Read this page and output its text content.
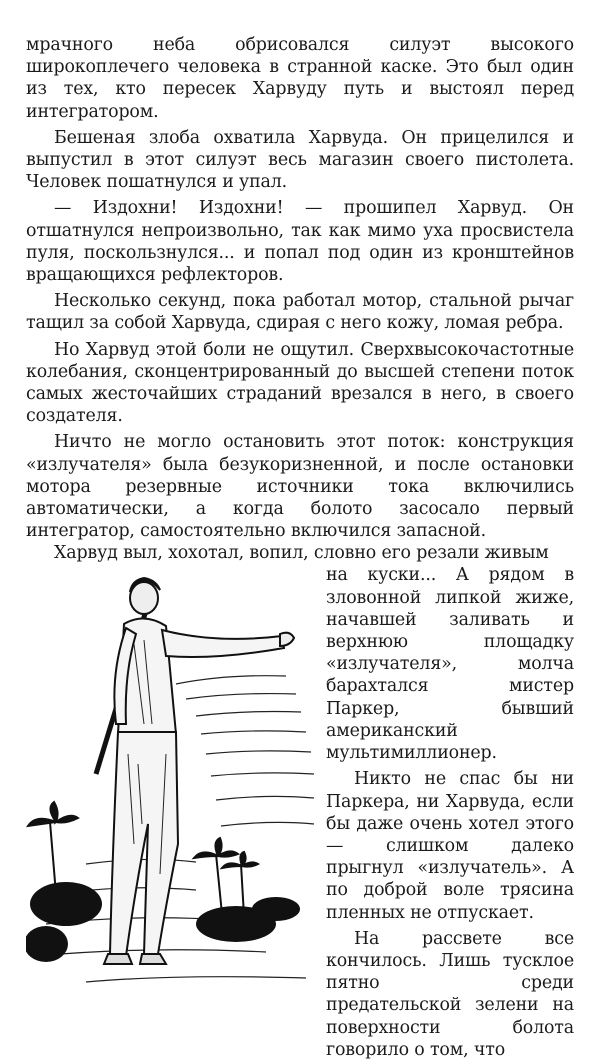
мрачного неба обрисовался силуэт высокого широкоплечего человека в странной каске. Это был один из тех, кто пересек Харвуду путь и выстоял перед интегратором.

Бешеная злоба охватила Харвуда. Он прицелился и выпустил в этот силуэт весь магазин своего пистолета. Человек пошатнулся и упал.

— Издохни! Издохни! — прошипел Харвуд. Он отшатнулся непроизвольно, так как мимо уха просвистела пуля, поскользнулся... и попал под один из кронштейнов вращающихся рефлекторов.

Несколько секунд, пока работал мотор, стальной рычаг тащил за собой Харвуда, сдирая с него кожу, ломая ребра.

Но Харвуд этой боли не ощутил. Сверхвысокочастотные колебания, сконцентрированный до высшей степени поток самых жесточайших страданий врезался в него, в своего создателя.

Ничто не могло остановить этот поток: конструкция «излучателя» была безукоризненной, и после остановки мотора резервные источники тока включились автоматически, а когда болото засосало первый интегратор, самостоятельно включился запасной.

Харвуд выл, хохотал, вопил, словно его резали живым

на куски... А рядом в зловонной липкой жиже, начавшей заливать и верхнюю площадку «излучателя», молча барахтался мистер Паркер, бывший американский мультимиллионер.

Никто не спас бы ни Паркера, ни Харвуда, если бы даже очень хотел этого — слишком далеко прыгнул «излучатель». А по доброй воле трясина пленных не отпускает.

На рассвете все кончилось. Лишь тусклое пятно среди предательской зелени на поверхности болота говорило о том, что
